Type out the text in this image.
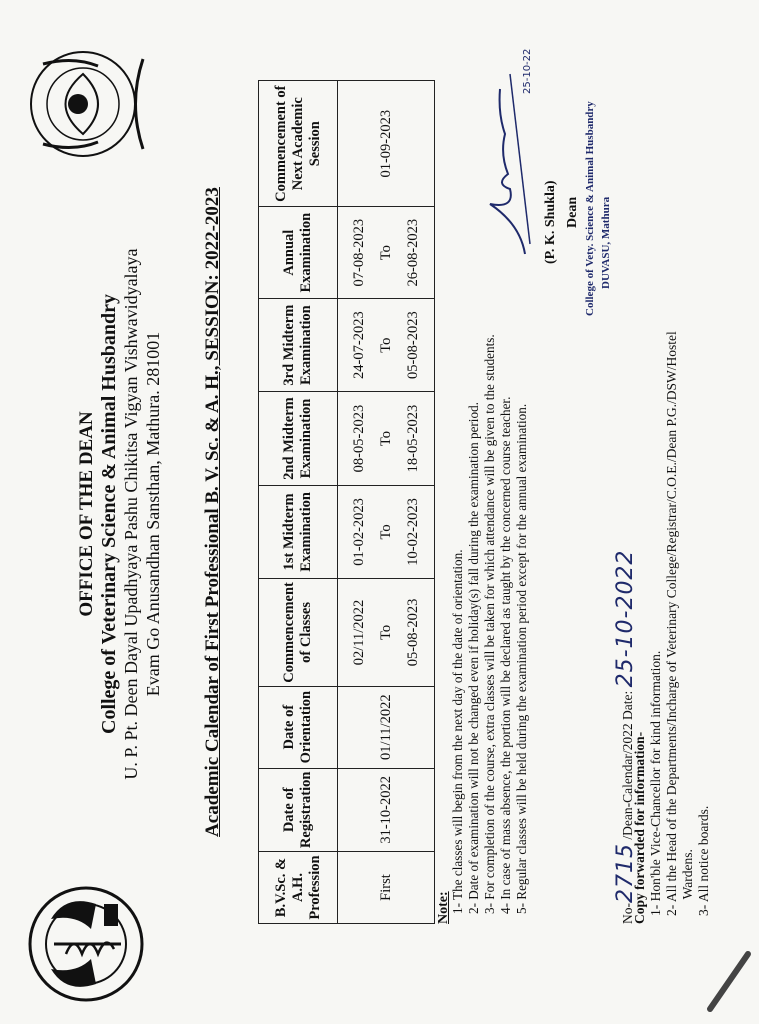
OFFICE OF THE DEAN College of Veterinary Science & Animal Husbandry U. P. Pt. Deen Dayal Upadhyaya Pashu Chikitsa Vigyan Vishwavidyalaya Evam Go Anusandhan Sansthan, Mathura. 281001 Academic Calendar of First Professional B. V. Sc. & A. H., SESSION: 2022-2023
B.V.Sc. & A.H. Profession	Date of Registration	Date of Orientation	Commencement of Classes	1st Midterm Examination	2nd Midterm Examination	3rd Midterm Examination	Annual Examination	Commencement of Next Academic Session
First	31-10-2022	01/11/2022	02/11/2022 To 05-08-2023	01-02-2023 To 10-02-2023	08-05-2023 To 18-05-2023	24-07-2023 To 05-08-2023	07-08-2023 To 26-08-2023	01-09-2023
Note: 1- The classes will begin from the next day of the date of orientation. 2- Date of examination will not be changed even if holiday(s) fall during the examination period. 3- For completion of the course, extra classes will be taken for which attendance will be given to the students. 4- In case of mass absence, the portion will be declared as taught by the concerned course teacher. 5- Regular classes will be held during the examination period except for the annual examination.	No-2715 /Dean-Calendar/2022 Date: 25-10-2022
Copy forwarded for information- 1- Hon'ble Vice-Chancellor for kind information. 2- All the Head of the Departments/Incharge of Veterinary College/Registrar/C.O.E./Dean P.G./DSW/Hostel Wardens. 3- All notice boards.
25-10-22
(P. K. Shukla) Dean College of Vety. Science & Animal Husbandry DUVASU, Mathura
